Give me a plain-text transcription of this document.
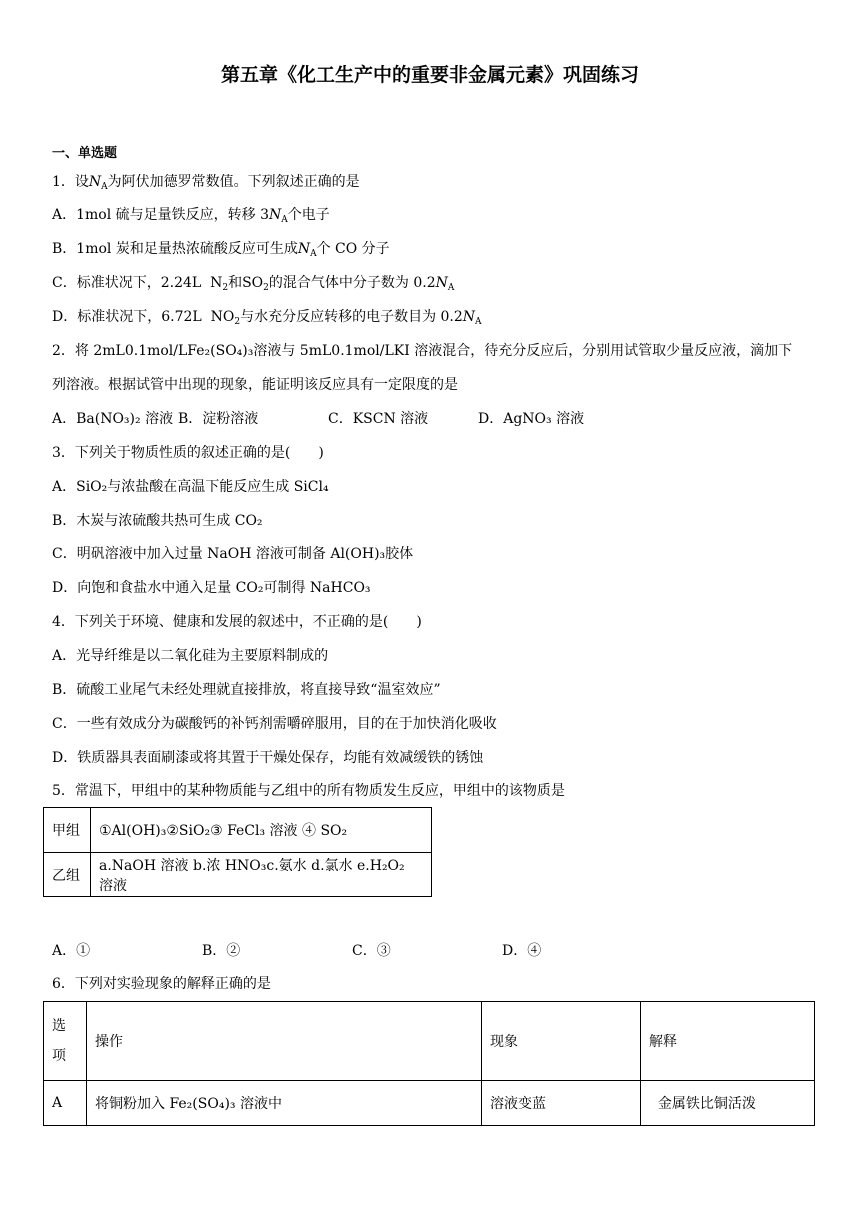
第五章《化工生产中的重要非金属元素》巩固练习
一、单选题
1．设$N_A$为阿伏加德罗常数值。下列叙述正确的是
A．1mol 硫与足量铁反应，转移 $3N_A$个电子
B．1mol 炭和足量热浓硫酸反应可生成$N_A$个 CO 分子
C．标准状况下，2.24L $N_2$和$SO_2$的混合气体中分子数为 $0.2N_A$
D．标准状况下，6.72L $NO_2$与水充分反应转移的电子数目为 $0.2N_A$
2．将 2mL0.1mol/LFe₂(SO₄)₃溶液与 5mL0.1mol/LKI 溶液混合，待充分反应后，分别用试管取少量反应液，滴加下
列溶液。根据试管中出现的现象，能证明该反应具有一定限度的是
A．Ba(NO₃)₂ 溶液 B．淀粉溶液	C．KSCN 溶液	D．AgNO₃ 溶液
3．下列关于物质性质的叙述正确的是(　　)
A．SiO₂与浓盐酸在高温下能反应生成 SiCl₄
B．木炭与浓硫酸共热可生成 CO₂
C．明矾溶液中加入过量 NaOH 溶液可制备 Al(OH)₃胶体
D．向饱和食盐水中通入足量 CO₂可制得 NaHCO₃
4．下列关于环境、健康和发展的叙述中，不正确的是(　　)
A．光导纤维是以二氧化硅为主要原料制成的
B．硫酸工业尾气未经处理就直接排放，将直接导致“温室效应”
C．一些有效成分为碳酸钙的补钙剂需嚼碎服用，目的在于加快消化吸收
D．铁质器具表面刷漆或将其置于干燥处保存，均能有效减缓铁的锈蚀
5．常温下，甲组中的某种物质能与乙组中的所有物质发生反应，甲组中的该物质是
甲组	①Al(OH)₃②SiO₂③ FeCl₃ 溶液 ④ SO₂
乙组	a.NaOH 溶液 b.浓 HNO₃c.氨水 d.氯水 e.H₂O₂ 溶液
A．①	B．②	C．③	D．④
6．下列对实验现象的解释正确的是
选
项	操作	现象	解释
A	将铜粉加入 Fe₂(SO₄)₃ 溶液中	溶液变蓝	金属铁比铜活泼
